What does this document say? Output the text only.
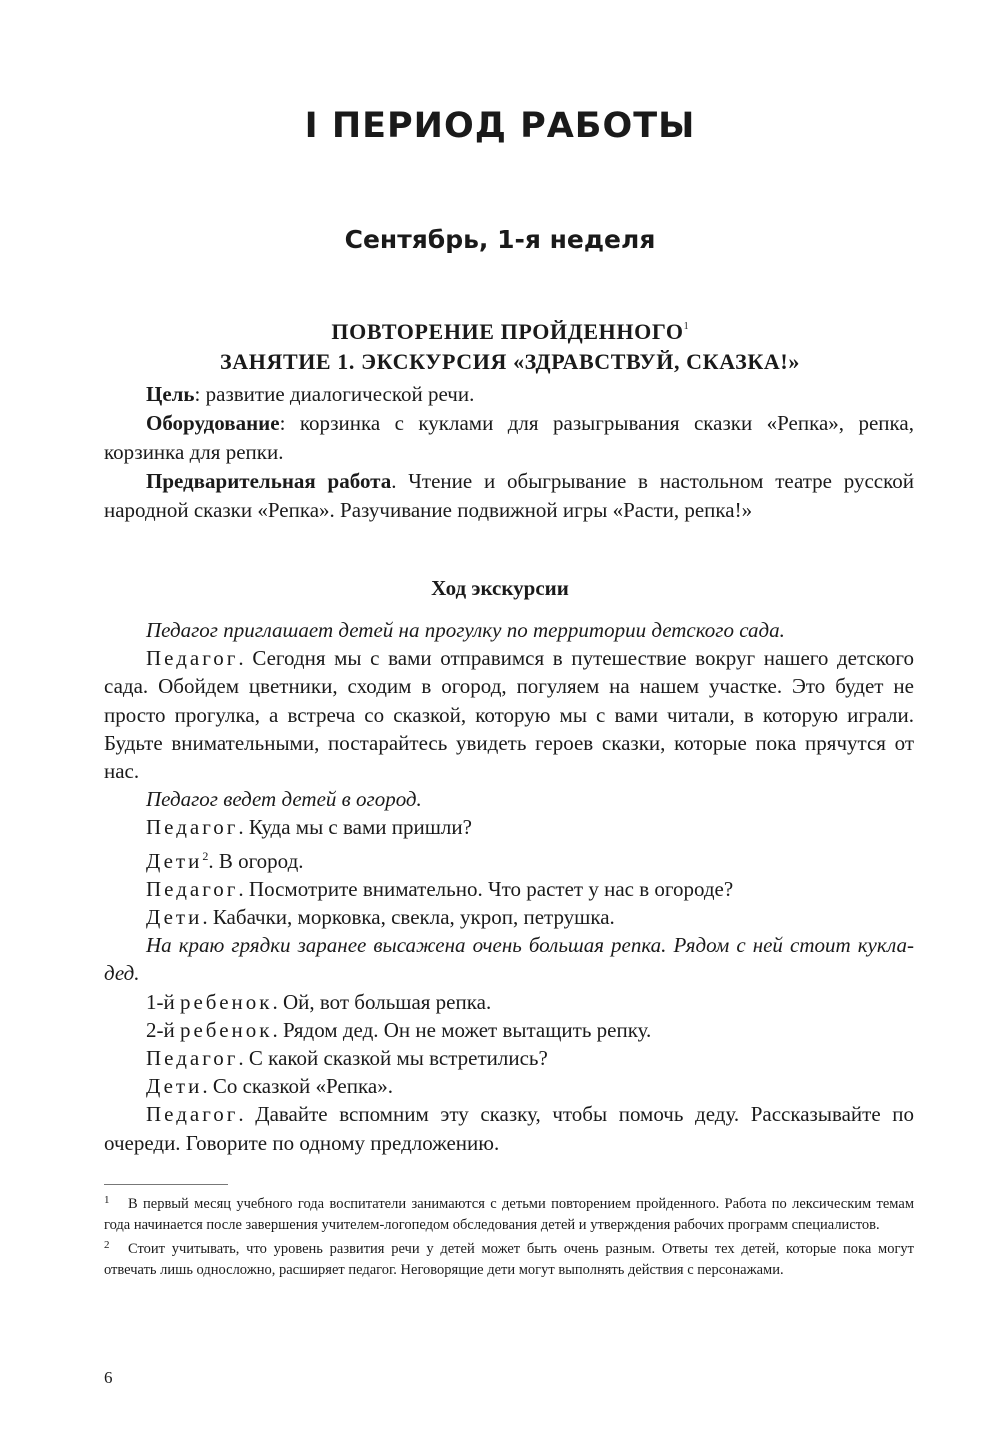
I ПЕРИОД РАБОТЫ
Сентябрь, 1-я неделя
ПОВТОРЕНИЕ ПРОЙДЕННОГО$^1$
ЗАНЯТИЕ 1. ЭКСКУРСИЯ «ЗДРАВСТВУЙ, СКАЗКА!»

Цель: развитие диалогической речи.

Оборудование: корзинка с куклами для разыгрывания сказки «Репка», репка, корзинка для репки.

Предварительная работа. Чтение и обыгрывание в настольном театре русской народной сказки «Репка». Разучивание подвижной игры «Расти, репка!»

Ход экскурсии

Педагог приглашает детей на прогулку по территории детского сада.

Педагог. Сегодня мы с вами отправимся в путешествие вокруг нашего детского сада. Обойдем цветники, сходим в огород, погуляем на нашем участке. Это будет не просто прогулка, а встреча со сказкой, которую мы с вами читали, в которую играли. Будьте внимательными, постарайтесь увидеть героев сказки, которые пока прячутся от нас.

Педагог ведет детей в огород.

Педагог. Куда мы с вами пришли?

Дети$^2$. В огород.

Педагог. Посмотрите внимательно. Что растет у нас в огороде?

Дети. Кабачки, морковка, свекла, укроп, петрушка.

На краю грядки заранее высажена очень большая репка. Рядом с ней стоит кукла-дед.

1-й ребенок. Ой, вот большая репка.

2-й ребенок. Рядом дед. Он не может вытащить репку.

Педагог. С какой сказкой мы встретились?

Дети. Со сказкой «Репка».

Педагог. Давайте вспомним эту сказку, чтобы помочь деду. Рассказывайте по очереди. Говорите по одному предложению.

1 В первый месяц учебного года воспитатели занимаются с детьми повторением пройденного. Работа по лексическим темам года начинается после завершения учителем-логопедом обследования детей и утверждения рабочих программ специалистов.

2 Стоит учитывать, что уровень развития речи у детей может быть очень разным. Ответы тех детей, которые пока могут отвечать лишь односложно, расширяет педагог. Неговорящие дети могут выполнять действия с персонажами.

6
